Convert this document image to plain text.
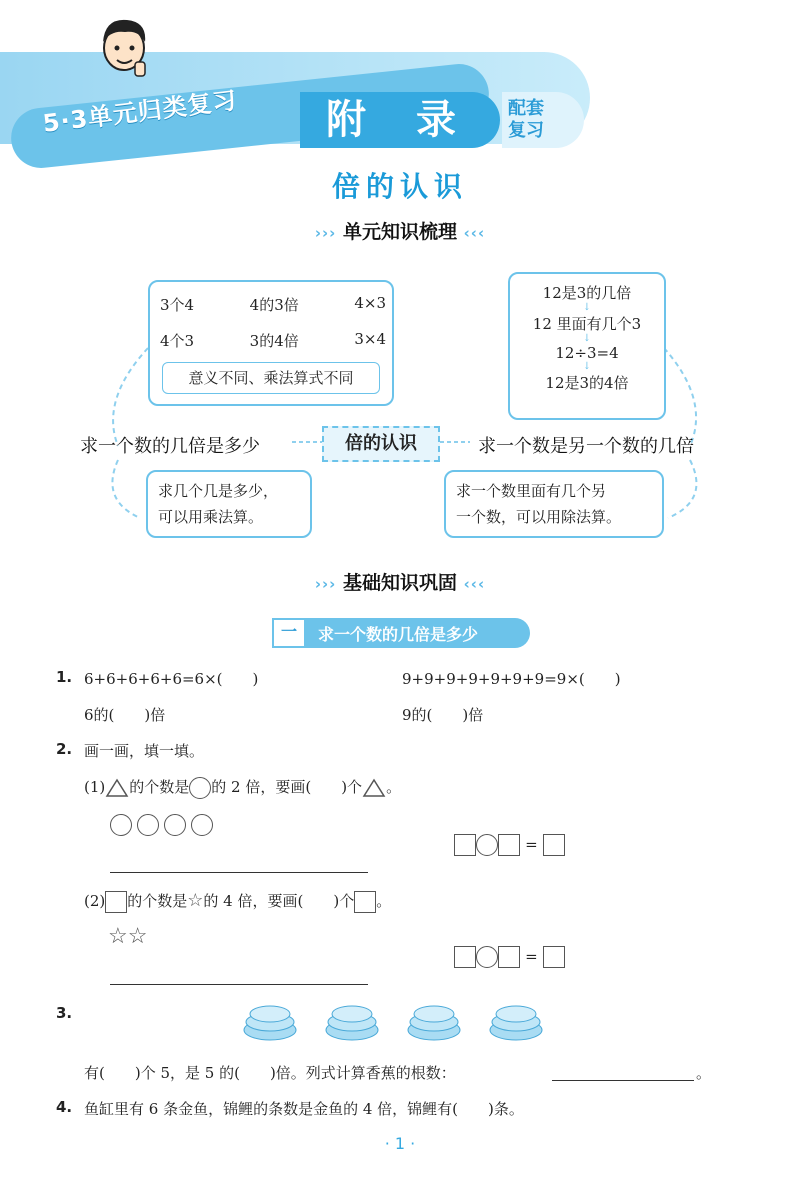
5·3单元归类复习	附 录	配套
复习
倍的认识
››› 单元知识梳理 ‹‹‹
3个4	4的3倍	4×3
4个3	3的4倍	3×4
意义不同、乘法算式不同
12是3的几倍
↓
12 里面有几个3
↓
12÷3=4
↓
12是3的4倍
求一个数的几倍是多少	倍的认识	求一个数是另一个数的几倍
求几个几是多少，
可以用乘法算。
求一个数里面有几个另
一个数，可以用除法算。
››› 基础知识巩固 ‹‹‹
一	求一个数的几倍是多少
1. 6+6+6+6+6=6×(　　)	9+9+9+9+9+9+9=9×(　　)
6的(　　)倍	9的(　　)倍
2. 画一画，填一填。
(1) 的个数是 的 2 倍，要画(　　)个 。

=
(2) 的个数是☆的 4 倍，要画(　　)个 。
☆☆
=
3.
有(　　)个 5，是 5 的(　　)倍。列式计算香蕉的根数：	。
4. 鱼缸里有 6 条金鱼，锦鲤的条数是金鱼的 4 倍，锦鲤有(　　)条。
· 1 ·
